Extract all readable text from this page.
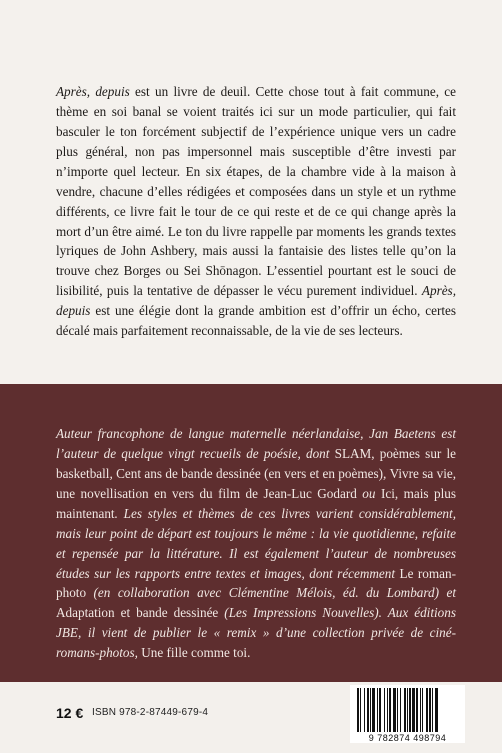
Après, depuis est un livre de deuil. Cette chose tout à fait commune, ce thème en soi banal se voient traités ici sur un mode particulier, qui fait basculer le ton forcément subjectif de l’expérience unique vers un cadre plus général, non pas impersonnel mais susceptible d’être investi par n’importe quel lecteur. En six étapes, de la chambre vide à la maison à vendre, chacune d’elles rédigées et composées dans un style et un rythme différents, ce livre fait le tour de ce qui reste et de ce qui change après la mort d’un être aimé. Le ton du livre rappelle par moments les grands textes lyriques de John Ashbery, mais aussi la fantaisie des listes telle qu’on la trouve chez Borges ou Sei Shōnagon. L’essentiel pourtant est le souci de lisibilité, puis la tentative de dépasser le vécu purement individuel. Après, depuis est une élégie dont la grande ambition est d’offrir un écho, certes décalé mais parfaitement reconnaissable, de la vie de ses lecteurs.

Auteur francophone de langue maternelle néerlandaise, Jan Baetens est l’auteur de quelque vingt recueils de poésie, dont SLAM, poèmes sur le basketball, Cent ans de bande dessinée (en vers et en poèmes), Vivre sa vie, une novellisation en vers du film de Jean-Luc Godard ou Ici, mais plus maintenant. Les styles et thèmes de ces livres varient considérablement, mais leur point de départ est toujours le même : la vie quotidienne, refaite et repensée par la littérature. Il est également l’auteur de nombreuses études sur les rapports entre textes et images, dont récemment Le roman-photo (en collaboration avec Clémentine Mélois, éd. du Lombard) et Adaptation et bande dessinée (Les Impressions Nouvelles). Aux éditions JBE, il vient de publier le « remix » d’une collection privée de ciné-romans-photos, Une fille comme toi.

12 € ISBN 978-2-87449-679-4
9 782874 498794
